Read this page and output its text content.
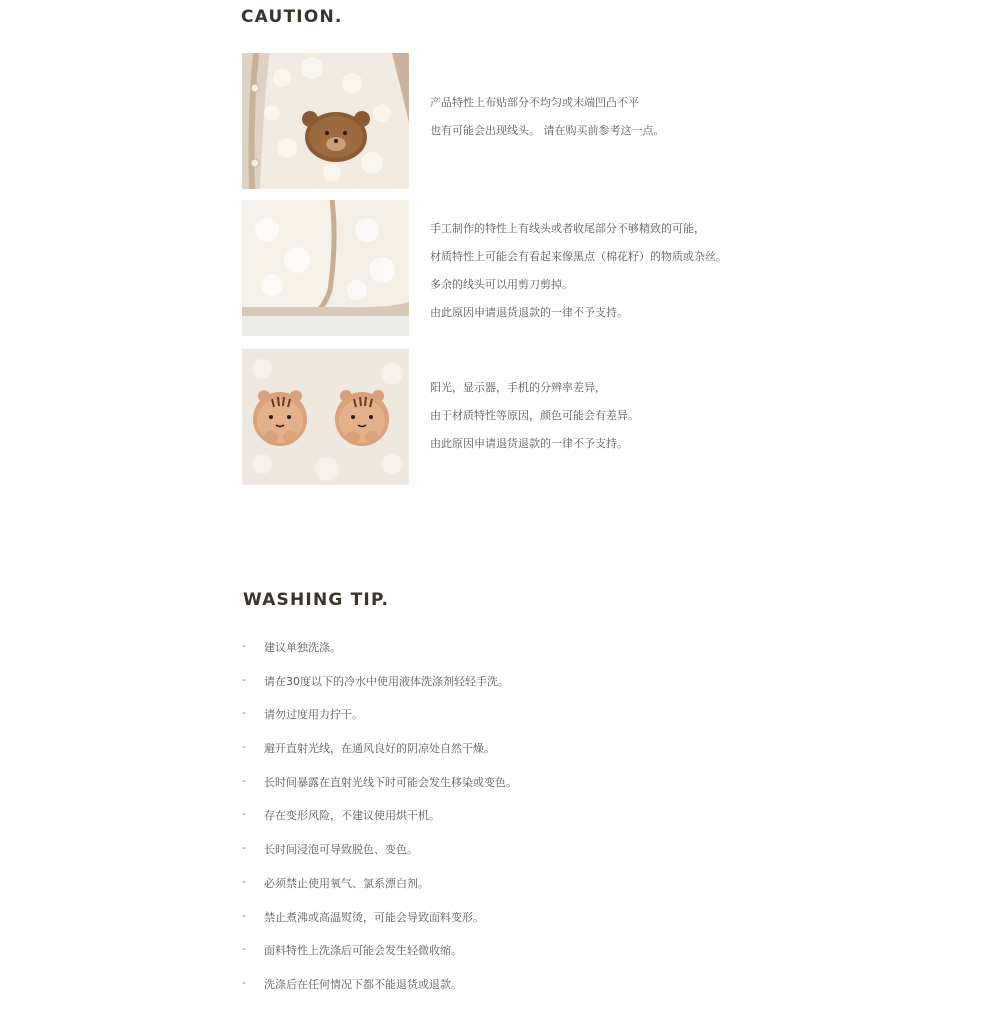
CAUTION.
产品特性上布贴部分不均匀或末端凹凸不平
也有可能会出现线头。 请在购买前参考这一点。
手工制作的特性上有线头或者收尾部分不够精致的可能，
材质特性上可能会有看起来像黑点（棉花籽）的物质或杂丝。
多余的线头可以用剪刀剪掉。
由此原因申请退货退款的一律不予支持。
阳光，显示器，手机的分辨率差异，
由于材质特性等原因，颜色可能会有差异。
由此原因申请退货退款的一律不予支持。
WASHING TIP.
-	建议单独洗涤。
-	请在30度以下的冷水中使用液体洗涤剂轻轻手洗。
-	请勿过度用力拧干。
-	避开直射光线，在通风良好的阴凉处自然干燥。
-	长时间暴露在直射光线下时可能会发生移染或变色。
-	存在变形风险，不建议使用烘干机。
-	长时间浸泡可导致脱色、变色。
-	必须禁止使用氧气、氯系漂白剂。
-	禁止煮沸或高温熨烫，可能会导致面料变形。
-	面料特性上洗涤后可能会发生轻微收缩。
-	洗涤后在任何情况下都不能退货或退款。
